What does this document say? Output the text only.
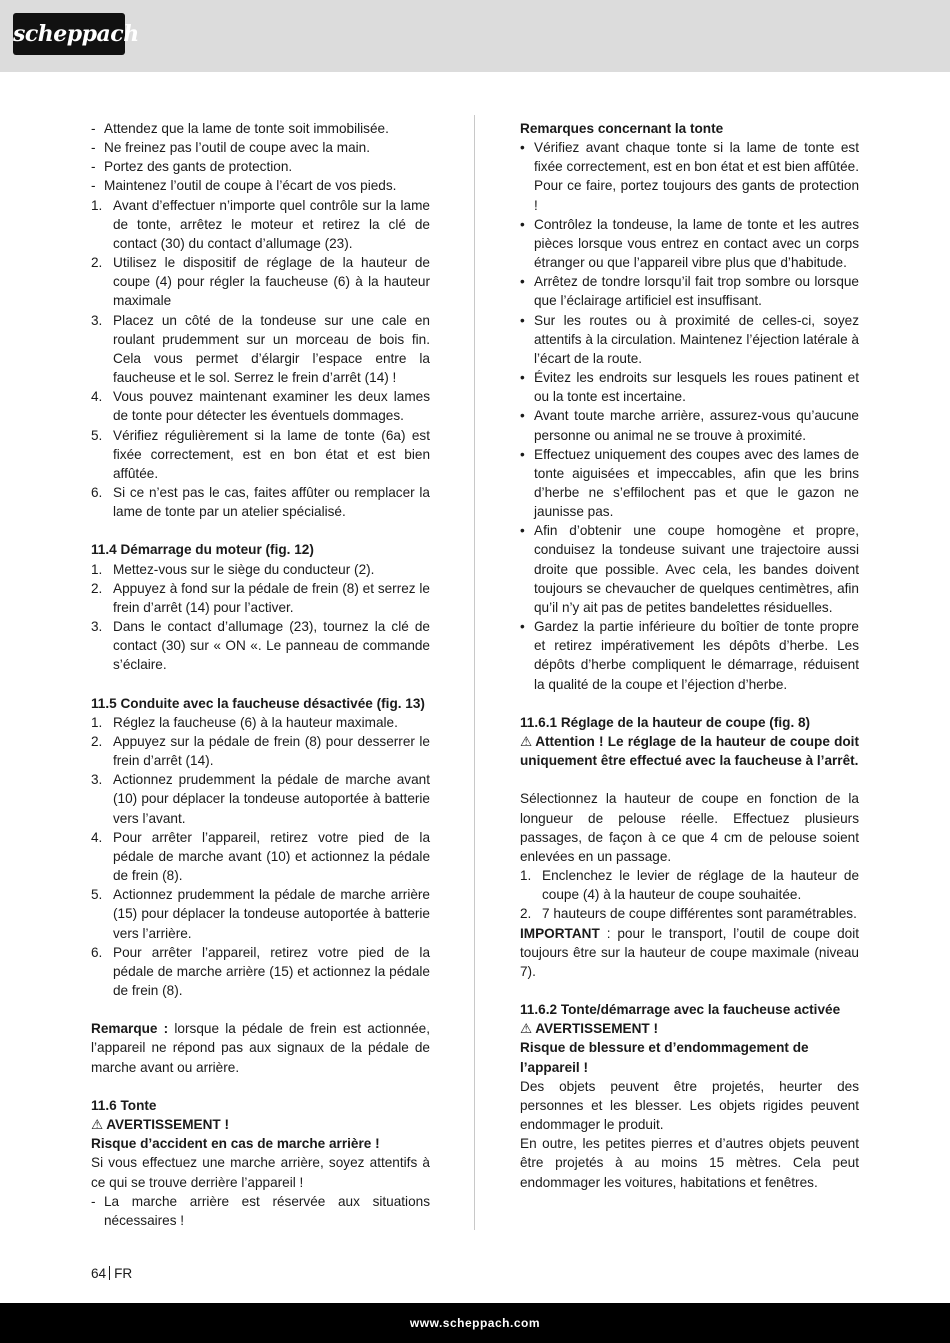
scheppach
- Attendez que la lame de tonte soit immobilisée.
- Ne freinez pas l’outil de coupe avec la main.
- Portez des gants de protection.
- Maintenez l’outil de coupe à l’écart de vos pieds.
1. Avant d’effectuer n’importe quel contrôle sur la lame de tonte, arrêtez le moteur et retirez la clé de contact (30) du contact d’allumage (23).
2. Utilisez le dispositif de réglage de la hauteur de coupe (4) pour régler la faucheuse (6) à la hauteur maximale
3. Placez un côté de la tondeuse sur une cale en roulant prudemment sur un morceau de bois fin. Cela vous permet d’élargir l’espace entre la faucheuse et le sol. Serrez le frein d’arrêt (14) !
4. Vous pouvez maintenant examiner les deux lames de tonte pour détecter les éventuels dommages.
5. Vérifiez régulièrement si la lame de tonte (6a) est fixée correctement, est en bon état et est bien affûtée.
6. Si ce n’est pas le cas, faites affûter ou remplacer la lame de tonte par un atelier spécialisé.

11.4 Démarrage du moteur (fig. 12)

1. Mettez-vous sur le siège du conducteur (2).
2. Appuyez à fond sur la pédale de frein (8) et serrez le frein d’arrêt (14) pour l’activer.
3. Dans le contact d’allumage (23), tournez la clé de contact (30) sur « ON «. Le panneau de commande s’éclaire.

11.5 Conduite avec la faucheuse désactivée (fig. 13)

1. Réglez la faucheuse (6) à la hauteur maximale.
2. Appuyez sur la pédale de frein (8) pour desserrer le frein d’arrêt (14).
3. Actionnez prudemment la pédale de marche avant (10) pour déplacer la tondeuse autoportée à batterie vers l’avant.
4. Pour arrêter l’appareil, retirez votre pied de la pédale de marche avant (10) et actionnez la pédale de frein (8).
5. Actionnez prudemment la pédale de marche arrière (15) pour déplacer la tondeuse autoportée à batterie vers l’arrière.
6. Pour arrêter l’appareil, retirez votre pied de la pédale de marche arrière (15) et actionnez la pédale de frein (8).

Remarque : lorsque la pédale de frein est actionnée, l’appareil ne répond pas aux signaux de la pédale de marche avant ou arrière.

11.6 Tonte

⚠ AVERTISSEMENT !

Risque d’accident en cas de marche arrière !

Si vous effectuez une marche arrière, soyez attentifs à ce qui se trouve derrière l’appareil !

- La marche arrière est réservée aux situations nécessaires !

Remarques concernant la tonte

• Vérifiez avant chaque tonte si la lame de tonte est fixée correctement, est en bon état et est bien affûtée. Pour ce faire, portez toujours des gants de protection !
• Contrôlez la tondeuse, la lame de tonte et les autres pièces lorsque vous entrez en contact avec un corps étranger ou que l’appareil vibre plus que d’habitude.
• Arrêtez de tondre lorsqu’il fait trop sombre ou lorsque que l’éclairage artificiel est insuffisant.
• Sur les routes ou à proximité de celles-ci, soyez attentifs à la circulation. Maintenez l’éjection latérale à l’écart de la route.
• Évitez les endroits sur lesquels les roues patinent et ou la tonte est incertaine.
• Avant toute marche arrière, assurez-vous qu’aucune personne ou animal ne se trouve à proximité.
• Effectuez uniquement des coupes avec des lames de tonte aiguisées et impeccables, afin que les brins d’herbe ne s’effilochent pas et que le gazon ne jaunisse pas.
• Afin d’obtenir une coupe homogène et propre, conduisez la tondeuse suivant une trajectoire aussi droite que possible. Avec cela, les bandes doivent toujours se chevaucher de quelques centimètres, afin qu’il n’y ait pas de petites bandelettes résiduelles.
• Gardez la partie inférieure du boîtier de tonte propre et retirez impérativement les dépôts d’herbe. Les dépôts d’herbe compliquent le démarrage, réduisent la qualité de la coupe et l’éjection d’herbe.

11.6.1 Réglage de la hauteur de coupe (fig. 8)

⚠ Attention ! Le réglage de la hauteur de coupe doit uniquement être effectué avec la faucheuse à l’arrêt.

Sélectionnez la hauteur de coupe en fonction de la longueur de pelouse réelle. Effectuez plusieurs passages, de façon à ce que 4 cm de pelouse soient enlevées en un passage.

1. Enclenchez le levier de réglage de la hauteur de coupe (4) à la hauteur de coupe souhaitée.
2. 7 hauteurs de coupe différentes sont paramétrables.

IMPORTANT : pour le transport, l’outil de coupe doit toujours être sur la hauteur de coupe maximale (niveau 7).

11.6.2 Tonte/démarrage avec la faucheuse activée

⚠ AVERTISSEMENT !

Risque de blessure et d’endommagement de l’appareil !

Des objets peuvent être projetés, heurter des personnes et les blesser. Les objets rigides peuvent endommager le produit.

En outre, les petites pierres et d’autres objets peuvent être projetés à au moins 15 mètres. Cela peut endommager les voitures, habitations et fenêtres.

64 FR
www.scheppach.com
